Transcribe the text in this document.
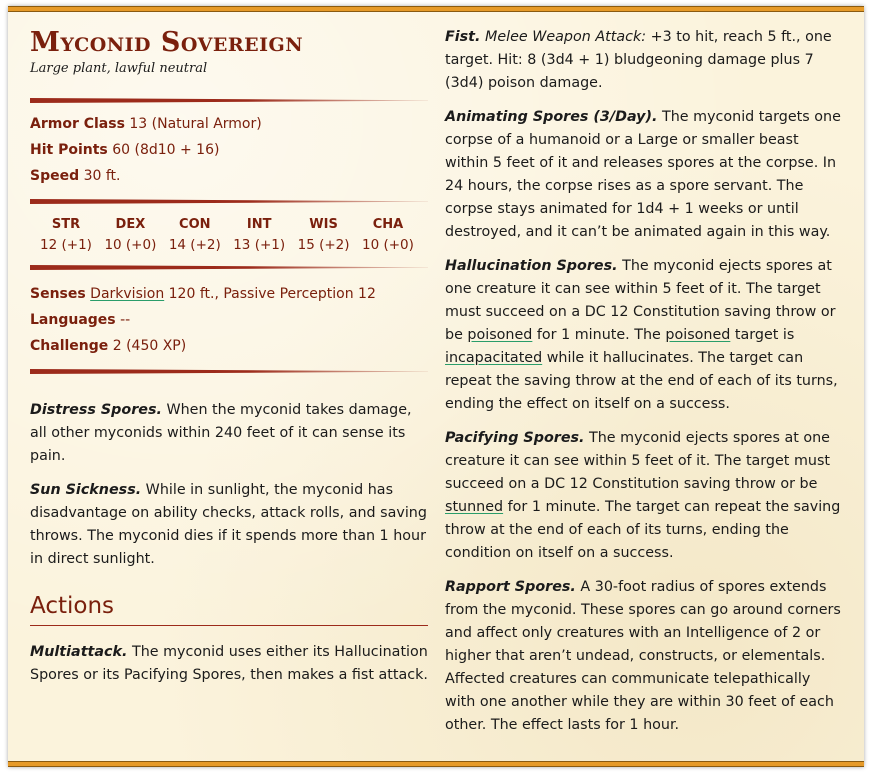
Myconid Sovereign

Large plant, lawful neutral

Armor Class 13 (Natural Armor)
Hit Points 60 (8d10 + 16)
Speed 30 ft.
STR
12 (+1)
DEX
10 (+0)
CON
14 (+2)
INT
13 (+1)
WIS
15 (+2)
CHA
10 (+0)
Senses Darkvision 120 ft., Passive Perception 12
Languages --
Challenge 2 (450 XP)

Distress Spores. When the myconid takes damage, all other myconids within 240 feet of it can sense its pain.

Sun Sickness. While in sunlight, the myconid has disadvantage on ability checks, attack rolls, and saving throws. The myconid dies if it spends more than 1 hour in direct sunlight.

Actions

Multiattack. The myconid uses either its Hallucination Spores or its Pacifying Spores, then makes a fist attack.

Fist. Melee Weapon Attack: +3 to hit, reach 5 ft., one target. Hit: 8 (3d4 + 1) bludgeoning damage plus 7 (3d4) poison damage.

Animating Spores (3/Day). The myconid targets one corpse of a humanoid or a Large or smaller beast within 5 feet of it and releases spores at the corpse. In 24 hours, the corpse rises as a spore servant. The corpse stays animated for 1d4 + 1 weeks or until destroyed, and it can’t be animated again in this way.

Hallucination Spores. The myconid ejects spores at one creature it can see within 5 feet of it. The target must succeed on a DC 12 Constitution saving throw or be poisoned for 1 minute. The poisoned target is incapacitated while it hallucinates. The target can repeat the saving throw at the end of each of its turns, ending the effect on itself on a success.

Pacifying Spores. The myconid ejects spores at one creature it can see within 5 feet of it. The target must succeed on a DC 12 Constitution saving throw or be stunned for 1 minute. The target can repeat the saving throw at the end of each of its turns, ending the condition on itself on a success.

Rapport Spores. A 30-foot radius of spores extends from the myconid. These spores can go around corners and affect only creatures with an Intelligence of 2 or higher that aren’t undead, constructs, or elementals. Affected creatures can communicate telepathically with one another while they are within 30 feet of each other. The effect lasts for 1 hour.
